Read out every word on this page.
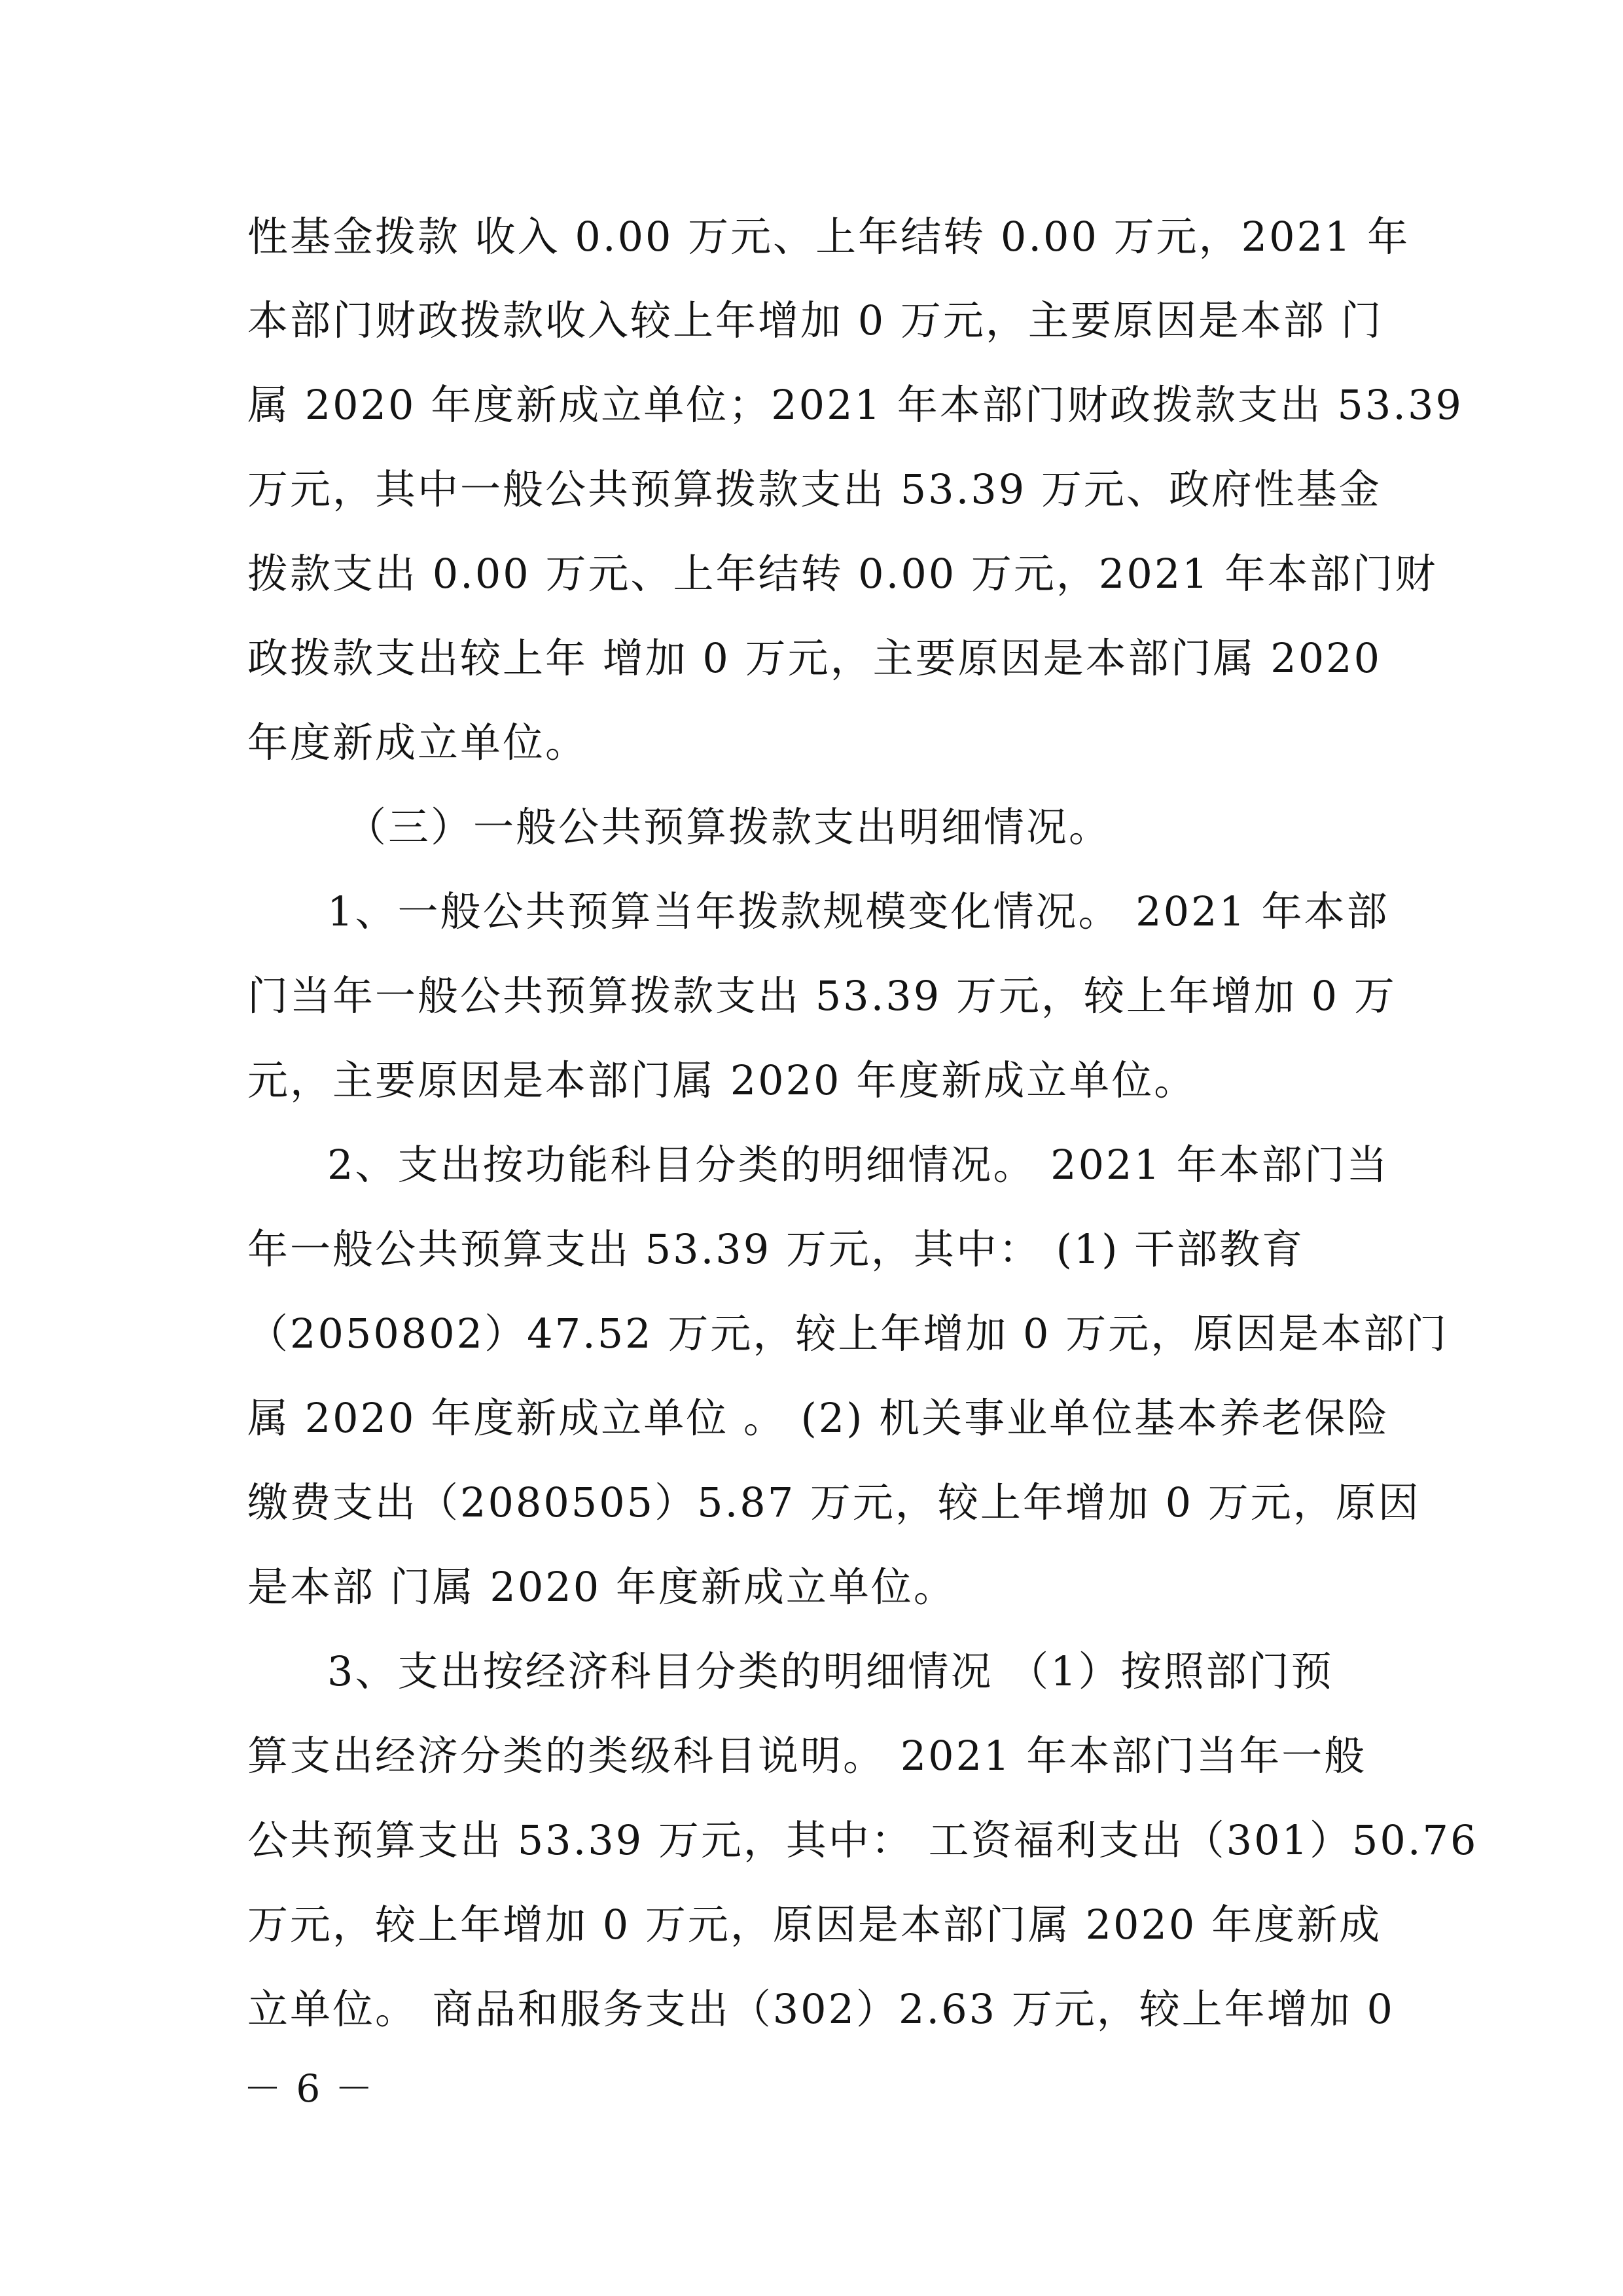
性基金拨款 收入 0.00 万元、上年结转 0.00 万元，2021 年
本部门财政拨款收入较上年增加 0 万元，主要原因是本部 门
属 2020 年度新成立单位；2021 年本部门财政拨款支出 53.39
万元，其中一般公共预算拨款支出 53.39 万元、政府性基金
拨款支出 0.00 万元、上年结转 0.00 万元，2021 年本部门财
政拨款支出较上年 增加 0 万元，主要原因是本部门属 2020
年度新成立单位。
（三）一般公共预算拨款支出明细情况。
1、一般公共预算当年拨款规模变化情况。 2021 年本部
门当年一般公共预算拨款支出 53.39 万元，较上年增加 0 万
元，主要原因是本部门属 2020 年度新成立单位。
2、支出按功能科目分类的明细情况。 2021 年本部门当
年一般公共预算支出 53.39 万元，其中： (1) 干部教育
（2050802）47.52 万元，较上年增加 0 万元，原因是本部门
属 2020 年度新成立单位 。 (2) 机关事业单位基本养老保险
缴费支出（2080505）5.87 万元，较上年增加 0 万元，原因
是本部 门属 2020 年度新成立单位。
3、支出按经济科目分类的明细情况 （1）按照部门预
算支出经济分类的类级科目说明。 2021 年本部门当年一般
公共预算支出 53.39 万元，其中： 工资福利支出（301）50.76
万元，较上年增加 0 万元，原因是本部门属 2020 年度新成
立单位。 商品和服务支出（302）2.63 万元，较上年增加 0
－ 6 －
